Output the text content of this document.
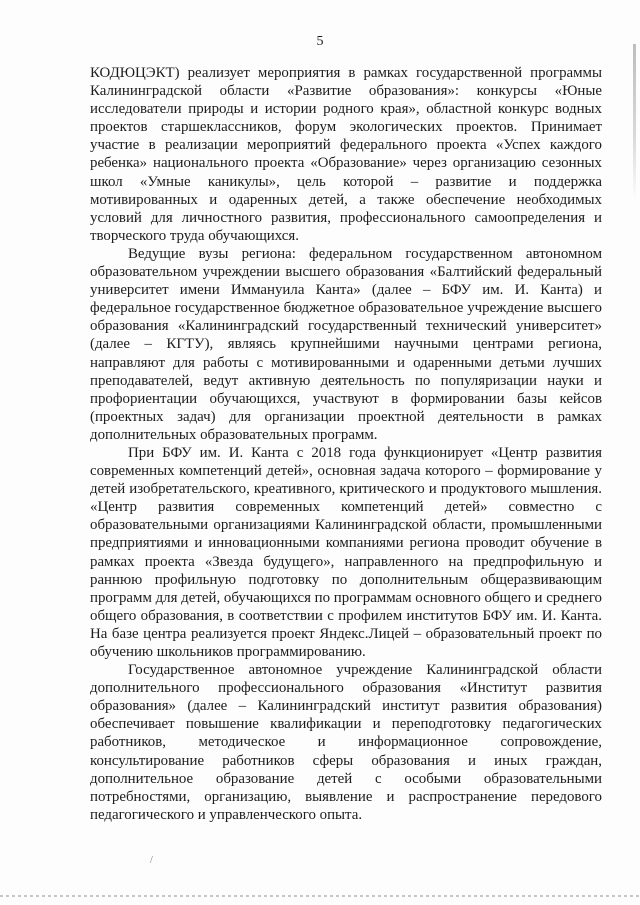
5

КОДЮЦЭКТ) реализует мероприятия в рамках государственной программы Калининградской области «Развитие образования»: конкурсы «Юные исследователи природы и истории родного края», областной конкурс водных проектов старшеклассников, форум экологических проектов. Принимает участие в реализации мероприятий федерального проекта «Успех каждого ребенка» национального проекта «Образование» через организацию сезонных школ «Умные каникулы», цель которой – развитие и поддержка мотивированных и одаренных детей, а также обеспечение необходимых условий для личностного развития, профессионального самоопределения и творческого труда обучающихся.

Ведущие вузы региона: федеральном государственном автономном образовательном учреждении высшего образования «Балтийский федеральный университет имени Иммануила Канта» (далее – БФУ им. И. Канта) и федеральное государственное бюджетное образовательное учреждение высшего образования «Калининградский государственный технический университет» (далее – КГТУ), являясь крупнейшими научными центрами региона, направляют для работы с мотивированными и одаренными детьми лучших преподавателей, ведут активную деятельность по популяризации науки и профориентации обучающихся, участвуют в формировании базы кейсов (проектных задач) для организации проектной деятельности в рамках дополнительных образовательных программ.

При БФУ им. И. Канта с 2018 года функционирует «Центр развития современных компетенций детей», основная задача которого – формирование у детей изобретательского, креативного, критического и продуктового мышления. «Центр развития современных компетенций детей» совместно с образовательными организациями Калининградской области, промышленными предприятиями и инновационными компаниями региона проводит обучение в рамках проекта «Звезда будущего», направленного на предпрофильную и раннюю профильную подготовку по дополнительным общеразвивающим программ для детей, обучающихся по программам основного общего и среднего общего образования, в соответствии с профилем институтов БФУ им. И. Канта. На базе центра реализуется проект Яндекс.Лицей – образовательный проект по обучению школьников программированию.

Государственное автономное учреждение Калининградской области дополнительного профессионального образования «Институт развития образования» (далее – Калининградский институт развития образования) обеспечивает повышение квалификации и переподготовку педагогических работников, методическое и информационное сопровождение, консультирование работников сферы образования и иных граждан, дополнительное образование детей с особыми образовательными потребностями, организацию, выявление и распространение передового педагогического и управленческого опыта.

/
